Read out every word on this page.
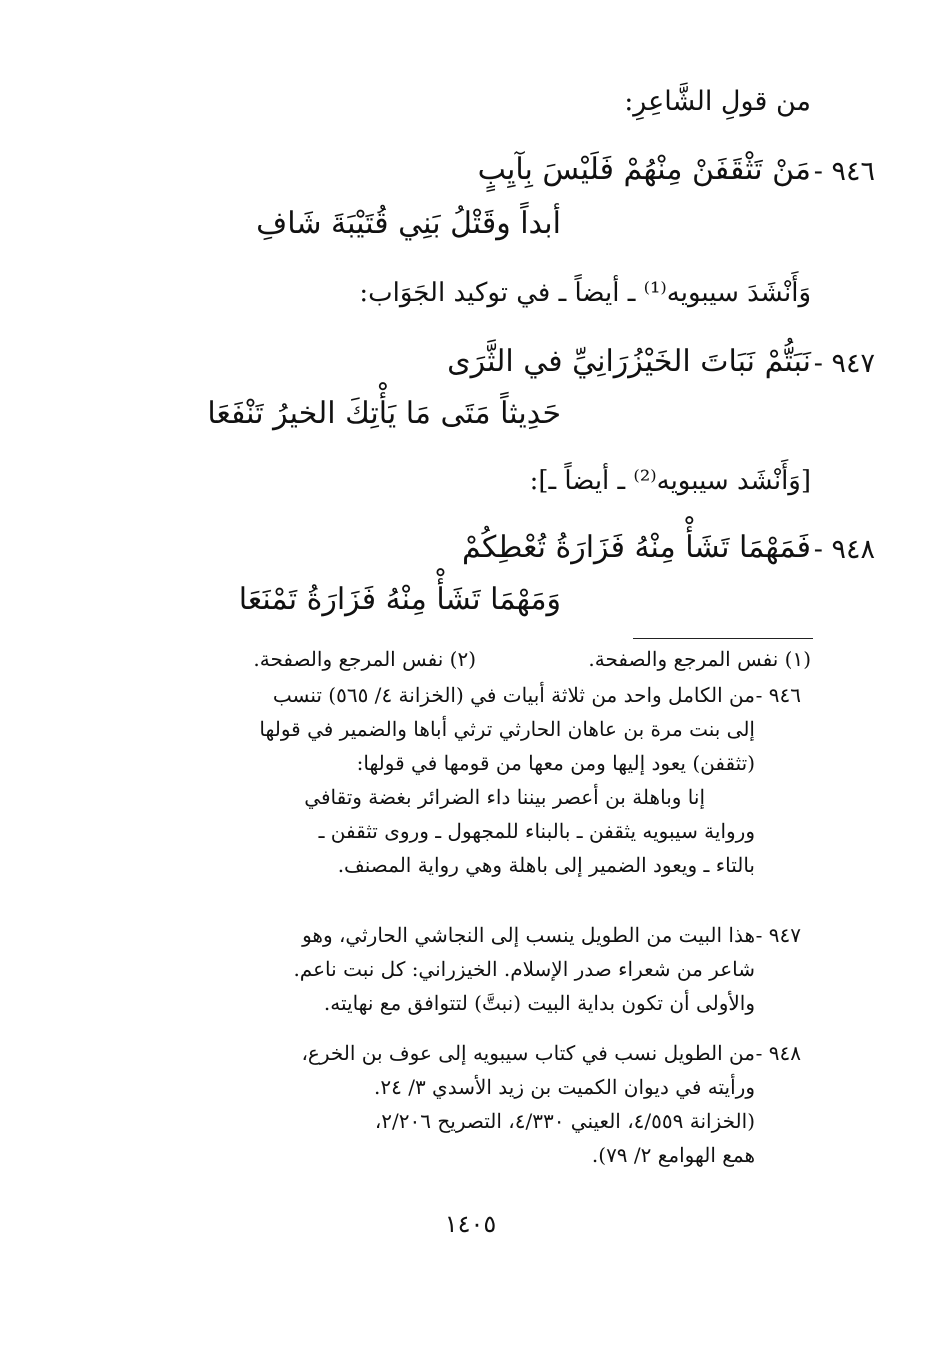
من قولِ الشَّاعِرِ:
٩٤٦ -
مَنْ تَثْقَفَنْ مِنْهُمْ فَلَيْسَ بِآيِبٍ
أبداً وقَتْلُ بَنِي قُتَيْبَةَ شَافِ
وَأَنْشَدَ سيبويه⁽¹⁾ ـ أيضاً ـ في توكيد الجَوَاب:
٩٤٧ -
نَبَتُّمْ نَبَاتَ الخَيْزُرَانِيِّ في الثَّرَى
حَدِيثاً مَتَى مَا يَأْتِكَ الخيرُ تَنْفَعَا
[وَأَنْشَد سيبويه⁽²⁾ ـ أيضاً ـ]:
٩٤٨ -
فَمَهْمَا تَشَأْ مِنْهُ فَزَارَةُ تُعْطِكُمْ
وَمَهْمَا تَشَأْ مِنْهُ فَزَارَةُ تَمْنَعَا
(١) نفس المرجع والصفحة.
(٢) نفس المرجع والصفحة.
٩٤٦ -من الكامل واحد من ثلاثة أبيات في (الخزانة ٤/ ٥٦٥) تنسب
إلى بنت مرة بن عاهان الحارثي ترثي أباها والضمير في قولها
(تثقفن) يعود إليها ومن معها من قومها في قولها:
إنا وباهلة بن أعصر بيننا داء الضرائر بغضة وتقافي
ورواية سيبويه يثقفن ـ بالبناء للمجهول ـ وروى تثقفن ـ
بالتاء ـ ويعود الضمير إلى باهلة وهي رواية المصنف.
٩٤٧ -هذا البيت من الطويل ينسب إلى النجاشي الحارثي، وهو
شاعر من شعراء صدر الإسلام. الخيزراني: كل نبت ناعم.
والأولى أن تكون بداية البيت (نبتَّ) لتتوافق مع نهايته.
٩٤٨ -من الطويل نسب في كتاب سيبويه إلى عوف بن الخرع،
ورأيته في ديوان الكميت بن زيد الأسدي ٣/ ٢٤.
(الخزانة ٤/٥٥٩، العيني ٤/٣٣٠، التصريح ٢/٢٠٦،
همع الهوامع ٢/ ٧٩).
١٤٠٥
